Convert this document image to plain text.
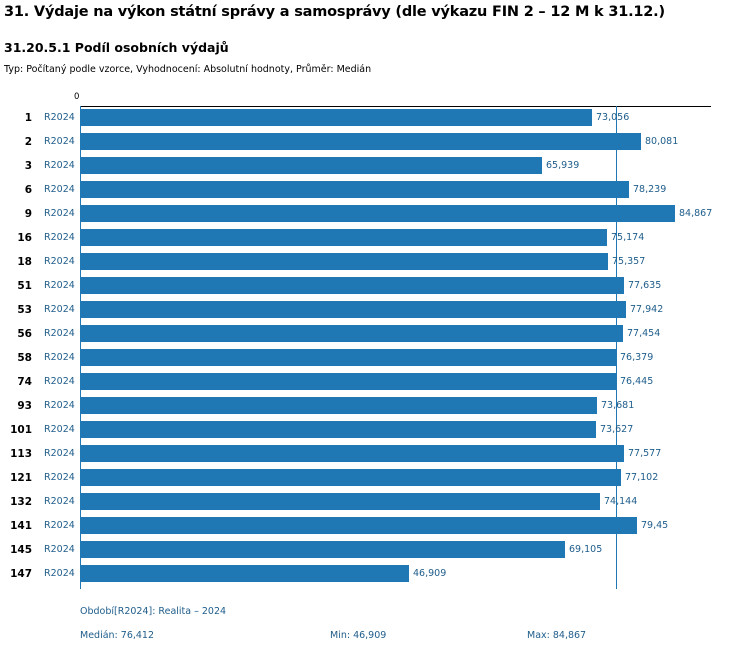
31. Výdaje na výkon státní správy a samosprávy (dle výkazu FIN 2 – 12 M k 31.12.)
31.20.5.1 Podíl osobních výdajů
Typ: Počítaný podle vzorce, Vyhodnocení: Absolutní hodnoty, Průměr: Medián
0
1 R2024	73,056
2 R2024	80,081
3 R2024	65,939
6 R2024	78,239
9 R2024	84,867
16 R2024	75,174
18 R2024	75,357
51 R2024	77,635
53 R2024	77,942
56 R2024	77,454
58 R2024	76,379
74 R2024	76,445
93 R2024	73,681
101 R2024	73,627
113 R2024	77,577
121 R2024	77,102
132 R2024	74,144
141 R2024	79,45
145 R2024	69,105
147 R2024	46,909
Období[R2024]: Realita – 2024
Medián: 76,412	Min: 46,909	Max: 84,867
